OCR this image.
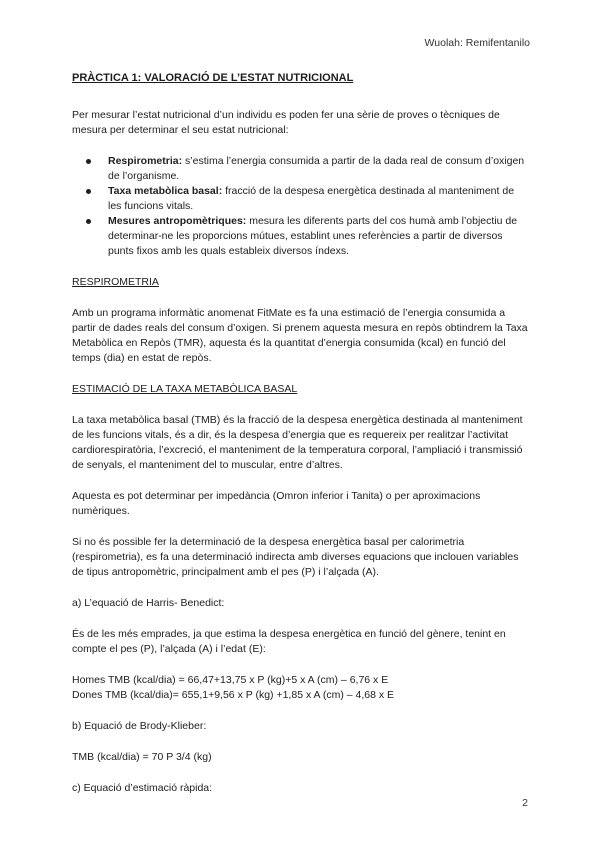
Wuolah: Remifentanilo
PRÀCTICA 1: VALORACIÓ DE L’ESTAT NUTRICIONAL

Per mesurar l’estat nutricional d’un individu es poden fer una sèrie de proves o tècniques de mesura per determinar el seu estat nutricional:

Respirometria: s’estima l’energia consumida a partir de la dada real de consum d’oxigen de l’organisme.
Taxa metabòlica basal: fracció de la despesa energètica destinada al manteniment de les funcions vitals.
Mesures antropomètriques: mesura les diferents parts del cos humà amb l’objectiu de determinar-ne les proporcions mútues, establint unes referències a partir de diversos punts fixos amb les quals estableix diversos índexs.
RESPIROMETRIA

Amb un programa informàtic anomenat FitMate es fa una estimació de l’energia consumida a partir de dades reals del consum d’oxigen. Si prenem aquesta mesura en repòs obtindrem la Taxa Metabòlica en Repòs (TMR), aquesta és la quantitat d’energia consumida (kcal) en funció del temps (dia) en estat de repòs.

ESTIMACIÓ DE LA TAXA METABÒLICA BASAL

La taxa metabòlica basal (TMB) és la fracció de la despesa energètica destinada al manteniment de les funcions vitals, és a dir, és la despesa d’energia que es requereix per realitzar l’activitat cardiorespiratòria, l’excreció, el manteniment de la temperatura corporal, l’ampliació i transmissió de senyals, el manteniment del to muscular, entre d’altres.

Aquesta es pot determinar per impedància (Omron inferior i Tanita) o per aproximacions numèriques.

Si no és possible fer la determinació de la despesa energètica basal per calorimetria (respirometria), es fa una determinació indirecta amb diverses equacions que inclouen variables de tipus antropomètric, principalment amb el pes (P) i l’alçada (A).

a) L’equació de Harris- Benedict:

És de les més emprades, ja que estima la despesa energètica en funció del gènere, tenint en compte el pes (P), l’alçada (A) i l’edat (E):

Homes TMB (kcal/dia) = 66,47+13,75 x P (kg)+5 x A (cm) – 6,76 x E
Dones TMB (kcal/dia)= 655,1+9,56 x P (kg) +1,85 x A (cm) – 4,68 x E

b) Equació de Brody-Klieber:

TMB (kcal/dia) = 70 P 3/4 (kg)

c) Equació d’estimació ràpida:

2
